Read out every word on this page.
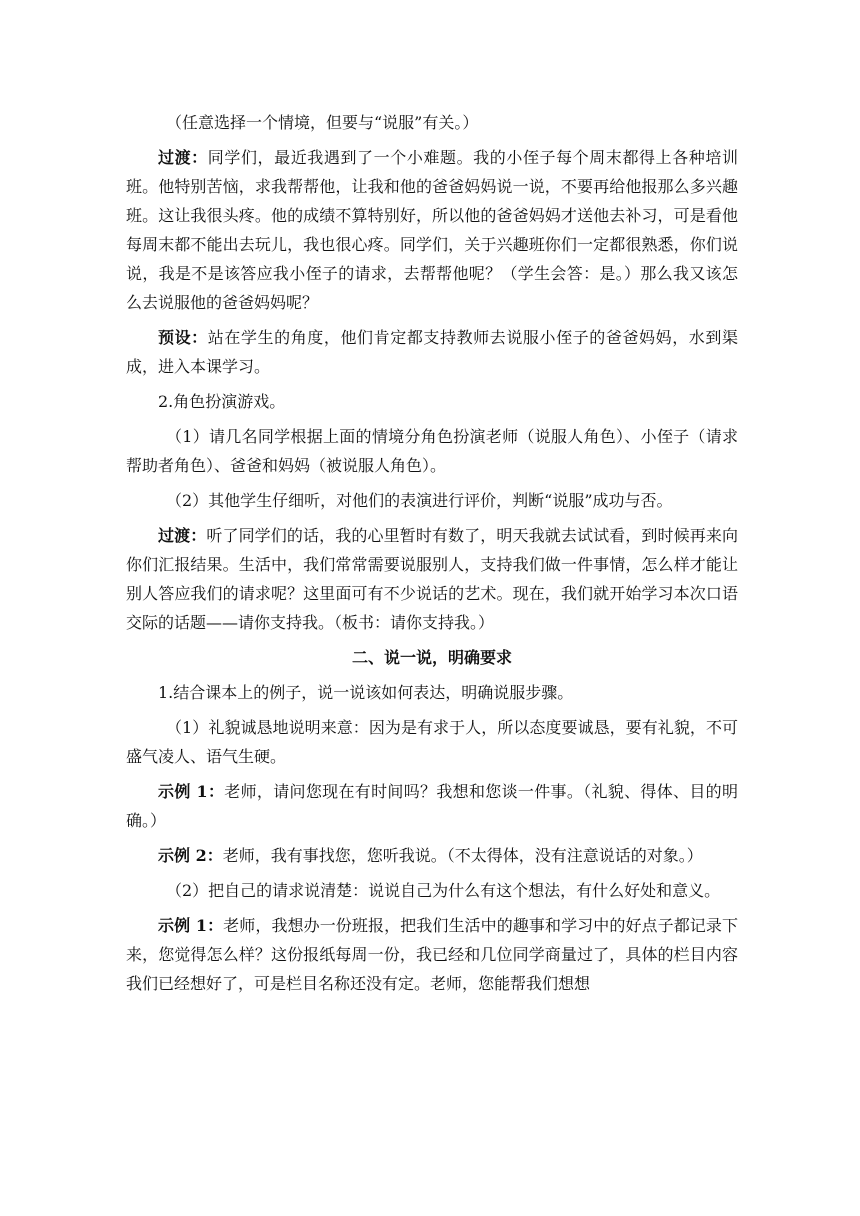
（任意选择一个情境，但要与“说服”有关。）

过渡：同学们，最近我遇到了一个小难题。我的小侄子每个周末都得上各种培训班。他特别苦恼，求我帮帮他，让我和他的爸爸妈妈说一说，不要再给他报那么多兴趣班。这让我很头疼。他的成绩不算特别好，所以他的爸爸妈妈才送他去补习，可是看他每周末都不能出去玩儿，我也很心疼。同学们，关于兴趣班你们一定都很熟悉，你们说说，我是不是该答应我小侄子的请求，去帮帮他呢？（学生会答：是。）那么我又该怎么去说服他的爸爸妈妈呢？

预设：站在学生的角度，他们肯定都支持教师去说服小侄子的爸爸妈妈，水到渠成，进入本课学习。

2.角色扮演游戏。

（1）请几名同学根据上面的情境分角色扮演老师（说服人角色）、小侄子（请求帮助者角色）、爸爸和妈妈（被说服人角色）。

（2）其他学生仔细听，对他们的表演进行评价，判断“说服”成功与否。

过渡：听了同学们的话，我的心里暂时有数了，明天我就去试试看，到时候再来向你们汇报结果。生活中，我们常常需要说服别人，支持我们做一件事情，怎么样才能让别人答应我们的请求呢？这里面可有不少说话的艺术。现在，我们就开始学习本次口语交际的话题——请你支持我。（板书：请你支持我。）

二、说一说，明确要求

1.结合课本上的例子，说一说该如何表达，明确说服步骤。

（1）礼貌诚恳地说明来意：因为是有求于人，所以态度要诚恳，要有礼貌，不可盛气凌人、语气生硬。

示例 1：老师，请问您现在有时间吗？我想和您谈一件事。（礼貌、得体、目的明确。）

示例 2：老师，我有事找您，您听我说。（不太得体，没有注意说话的对象。）

（2）把自己的请求说清楚：说说自己为什么有这个想法，有什么好处和意义。

示例 1：老师，我想办一份班报，把我们生活中的趣事和学习中的好点子都记录下来，您觉得怎么样？这份报纸每周一份，我已经和几位同学商量过了，具体的栏目内容我们已经想好了，可是栏目名称还没有定。老师，您能帮我们想想
